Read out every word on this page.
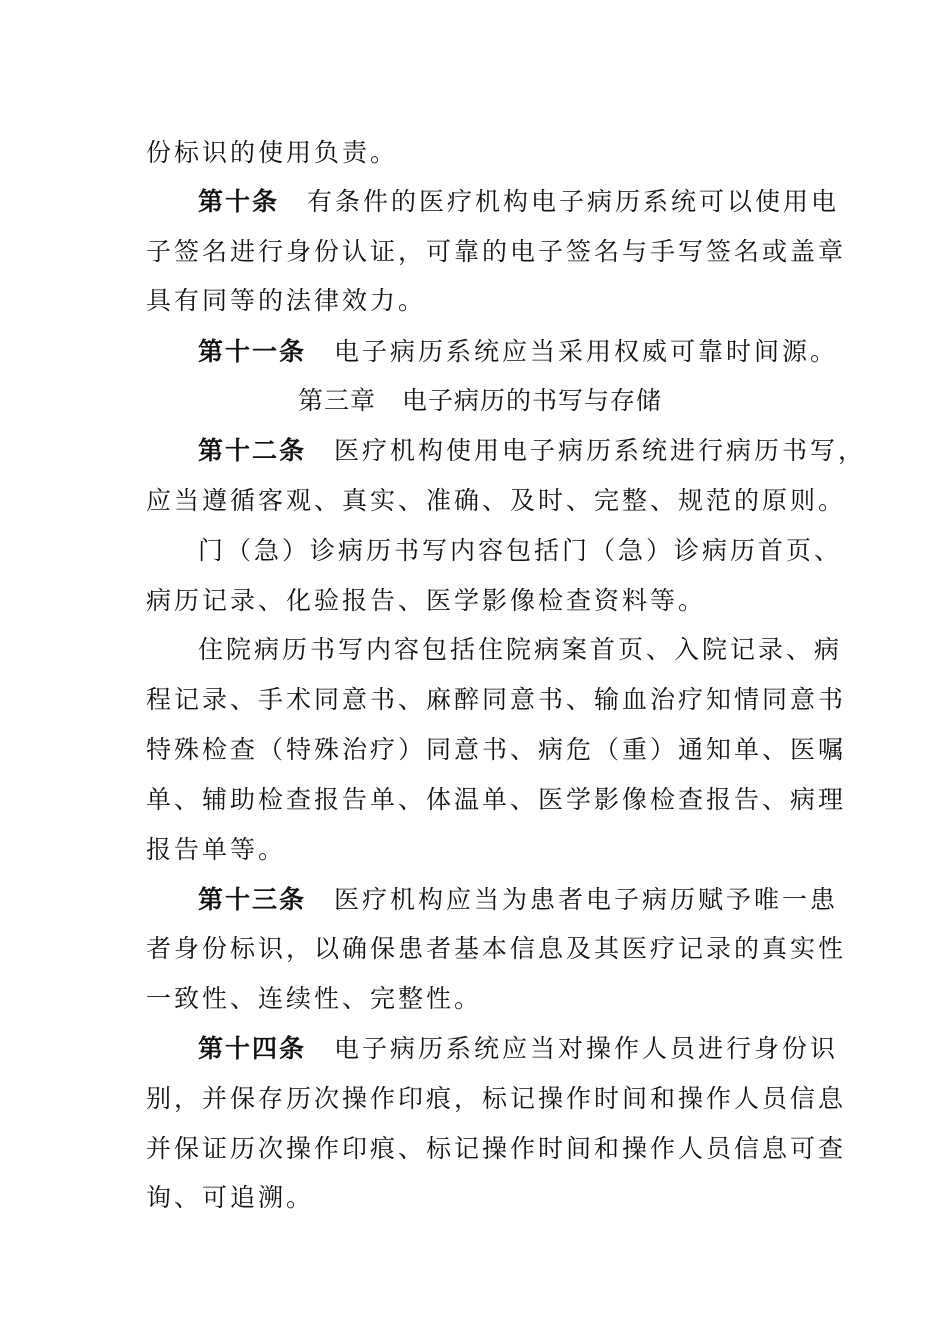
份标识的使用负责。
第十条 有条件的医疗机构电子病历系统可以使用电
子签名进行身份认证，可靠的电子签名与手写签名或盖章
具有同等的法律效力。
第十一条 电子病历系统应当采用权威可靠时间源。
第三章　电子病历的书写与存储
第十二条 医疗机构使用电子病历系统进行病历书写，
应当遵循客观、真实、准确、及时、完整、规范的原则。
门（急）诊病历书写内容包括门（急）诊病历首页、
病历记录、化验报告、医学影像检查资料等。
住院病历书写内容包括住院病案首页、入院记录、病
程记录、手术同意书、麻醉同意书、输血治疗知情同意书
特殊检查（特殊治疗）同意书、病危（重）通知单、医嘱
单、辅助检查报告单、体温单、医学影像检查报告、病理
报告单等。
第十三条 医疗机构应当为患者电子病历赋予唯一患
者身份标识，以确保患者基本信息及其医疗记录的真实性
一致性、连续性、完整性。
第十四条 电子病历系统应当对操作人员进行身份识
别，并保存历次操作印痕，标记操作时间和操作人员信息
并保证历次操作印痕、标记操作时间和操作人员信息可查
询、可追溯。
